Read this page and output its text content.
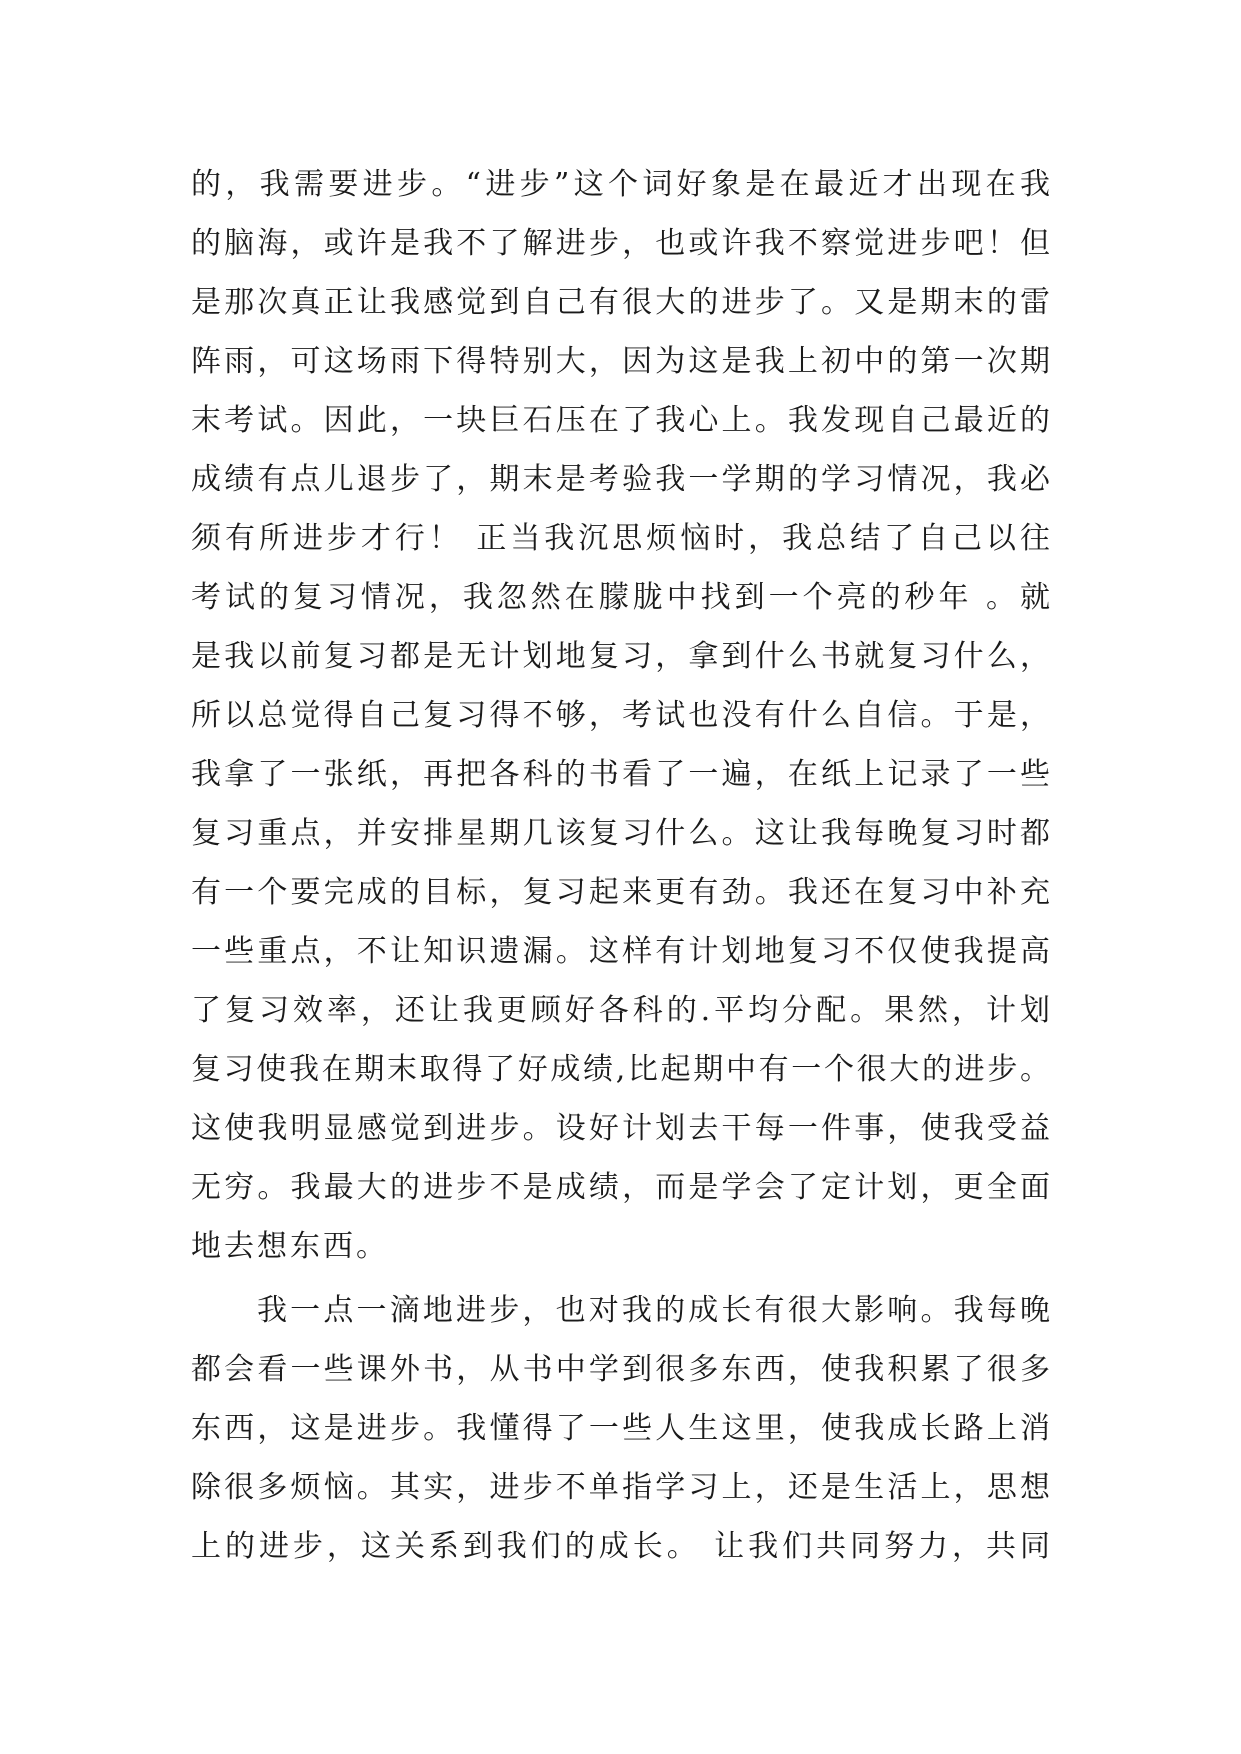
的，我需要进步。“进步”这个词好象是在最近才出现在我
的脑海，或许是我不了解进步，也或许我不察觉进步吧！但
是那次真正让我感觉到自己有很大的进步了。又是期末的雷
阵雨，可这场雨下得特别大，因为这是我上初中的第一次期
末考试。因此，一块巨石压在了我心上。我发现自己最近的
成绩有点儿退步了，期末是考验我一学期的学习情况，我必
须有所进步才行！ 正当我沉思烦恼时，我总结了自己以往
考试的复习情况，我忽然在朦胧中找到一个亮的秒年 。就
是我以前复习都是无计划地复习，拿到什么书就复习什么，
所以总觉得自己复习得不够，考试也没有什么自信。于是，
我拿了一张纸，再把各科的书看了一遍，在纸上记录了一些
复习重点，并安排星期几该复习什么。这让我每晚复习时都
有一个要完成的目标，复习起来更有劲。我还在复习中补充
一些重点，不让知识遗漏。这样有计划地复习不仅使我提高
了复习效率，还让我更顾好各科的.平均分配。果然，计划
复习使我在期末取得了好成绩,比起期中有一个很大的进步。
这使我明显感觉到进步。设好计划去干每一件事，使我受益
无穷。我最大的进步不是成绩，而是学会了定计划，更全面
地去想东西。
我一点一滴地进步，也对我的成长有很大影响。我每晚
都会看一些课外书，从书中学到很多东西，使我积累了很多
东西，这是进步。我懂得了一些人生这里，使我成长路上消
除很多烦恼。其实，进步不单指学习上，还是生活上，思想
上的进步，这关系到我们的成长。 让我们共同努力，共同
